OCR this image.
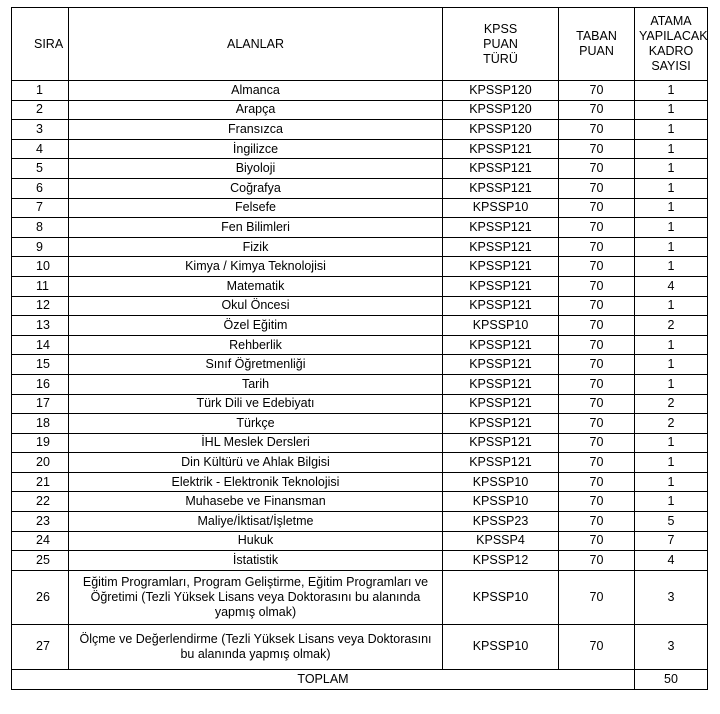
SIRA	ALANLAR	KPSS PUAN TÜRÜ	TABAN PUAN	ATAMA YAPILACAK KADRO SAYISI
1	Almanca	KPSSP120	70	1
2	Arapça	KPSSP120	70	1
3	Fransızca	KPSSP120	70	1
4	İngilizce	KPSSP121	70	1
5	Biyoloji	KPSSP121	70	1
6	Coğrafya	KPSSP121	70	1
7	Felsefe	KPSSP10	70	1
8	Fen Bilimleri	KPSSP121	70	1
9	Fizik	KPSSP121	70	1
10	Kimya / Kimya Teknolojisi	KPSSP121	70	1
11	Matematik	KPSSP121	70	4
12	Okul Öncesi	KPSSP121	70	1
13	Özel Eğitim	KPSSP10	70	2
14	Rehberlik	KPSSP121	70	1
15	Sınıf Öğretmenliği	KPSSP121	70	1
16	Tarih	KPSSP121	70	1
17	Türk Dili ve Edebiyatı	KPSSP121	70	2
18	Türkçe	KPSSP121	70	2
19	İHL Meslek Dersleri	KPSSP121	70	1
20	Din Kültürü ve Ahlak Bilgisi	KPSSP121	70	1
21	Elektrik - Elektronik Teknolojisi	KPSSP10	70	1
22	Muhasebe ve Finansman	KPSSP10	70	1
23	Maliye/İktisat/İşletme	KPSSP23	70	5
24	Hukuk	KPSSP4	70	7
25	İstatistik	KPSSP12	70	4
26	Eğitim Programları, Program Geliştirme, Eğitim Programları ve Öğretimi (Tezli Yüksek Lisans veya Doktorasını bu alanında yapmış olmak)	KPSSP10	70	3
27	Ölçme ve Değerlendirme (Tezli Yüksek Lisans veya Doktorasını bu alanında yapmış olmak)	KPSSP10	70	3
TOPLAM				50
